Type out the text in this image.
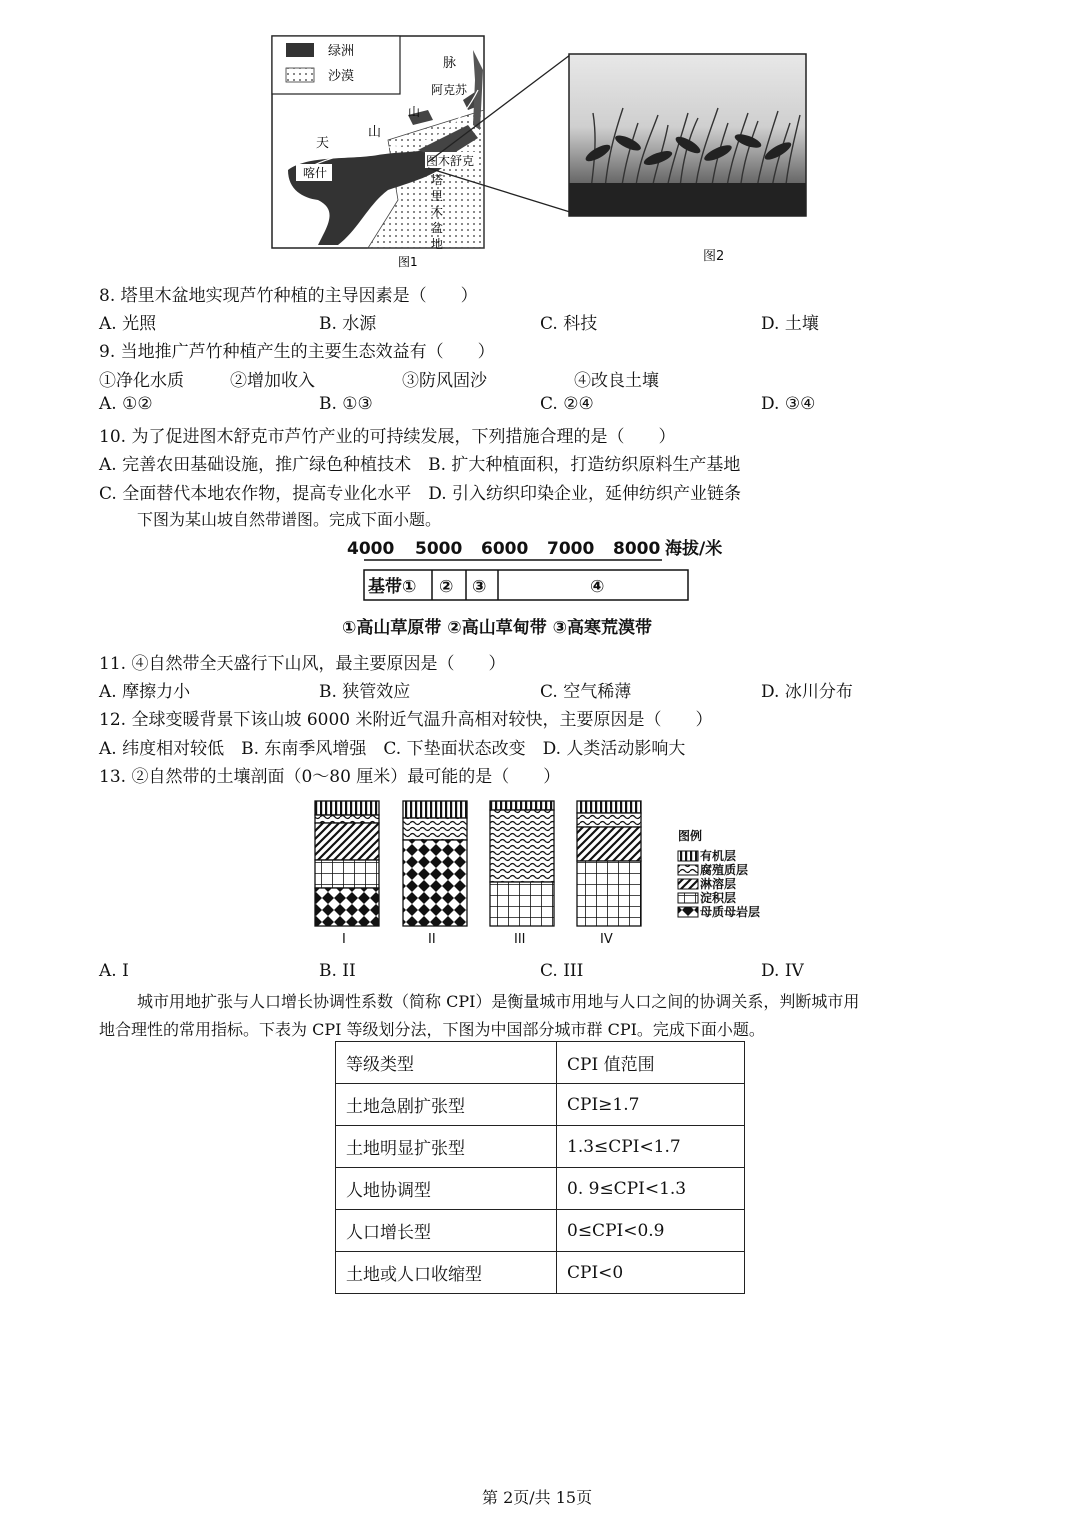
绿洲
沙漠
脉
阿克苏
山
天
山
图木舒克
喀什	塔
里
木
盆
地
图1	图2
8. 塔里木盆地实现芦竹种植的主导因素是（　　）
A. 光照	B. 水源	C. 科技	D. 土壤
9. 当地推广芦竹种植产生的主要生态效益有（　　）
①净化水质	②增加收入	③防风固沙	④改良土壤
A. ①②	B. ①③	C. ②④	D. ③④
10. 为了促进图木舒克市芦竹产业的可持续发展，下列措施合理的是（　　）
A. 完善农田基础设施，推广绿色种植技术　B. 扩大种植面积，打造纺织原料生产基地
C. 全面替代本地农作物，提高专业化水平　D. 引入纺织印染企业，延伸纺织产业链条
下图为某山坡自然带谱图。完成下面小题。
4000 5000 6000 7000 8000 海拔/米
基带① ② ③	④
①高山草原带 ②高山草甸带 ③高寒荒漠带
11. ④自然带全天盛行下山风，最主要原因是（　　）
A. 摩擦力小	B. 狭管效应	C. 空气稀薄	D. 冰川分布
12. 全球变暖背景下该山坡 6000 米附近气温升高相对较快，主要原因是（　　）
A. 纬度相对较低　B. 东南季风增强　C. 下垫面状态改变　D. 人类活动影响大
13. ②自然带的土壤剖面（0～80 厘米）最可能的是（　　）
I	II	III	IV
图例
有机层
腐殖质层
淋溶层
淀积层
母质母岩层
A. I	B. II	C. III	D. IV
城市用地扩张与人口增长协调性系数（简称 CPI）是衡量城市用地与人口之间的协调关系，判断城市用
地合理性的常用指标。下表为 CPI 等级划分法，下图为中国部分城市群 CPI。完成下面小题。
等级类型	CPI 值范围
土地急剧扩张型	CPI≥1.7
土地明显扩张型	1.3≤CPI<1.7
人地协调型	0. 9≤CPI<1.3
人口增长型	0≤CPI<0.9
土地或人口收缩型	CPI<0
第 2页/共 15页
